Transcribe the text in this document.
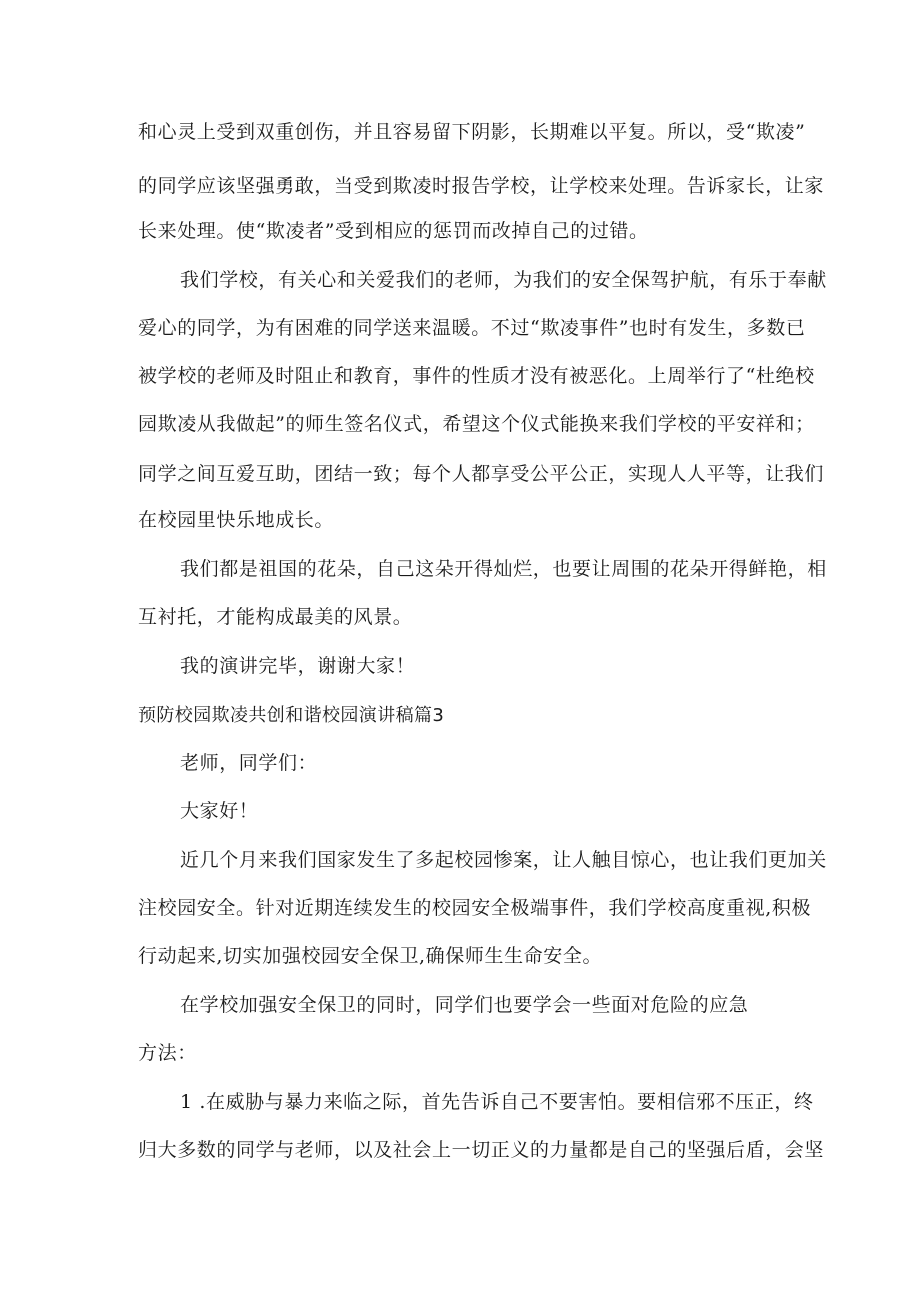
和心灵上受到双重创伤，并且容易留下阴影，长期难以平复。所以，受“欺凌”
的同学应该坚强勇敢，当受到欺凌时报告学校，让学校来处理。告诉家长，让家
长来处理。使“欺凌者”受到相应的惩罚而改掉自己的过错。
我们学校，有关心和关爱我们的老师，为我们的安全保驾护航，有乐于奉献
爱心的同学，为有困难的同学送来温暖。不过“欺凌事件”也时有发生，多数已
被学校的老师及时阻止和教育，事件的性质才没有被恶化。上周举行了“杜绝校
园欺凌从我做起”的师生签名仪式，希望这个仪式能换来我们学校的平安祥和；
同学之间互爱互助，团结一致；每个人都享受公平公正，实现人人平等，让我们
在校园里快乐地成长。
我们都是祖国的花朵，自己这朵开得灿烂，也要让周围的花朵开得鲜艳，相
互衬托，才能构成最美的风景。
我的演讲完毕，谢谢大家！
预防校园欺凌共创和谐校园演讲稿篇3
老师，同学们：
大家好！
近几个月来我们国家发生了多起校园惨案，让人触目惊心，也让我们更加关
注校园安全。针对近期连续发生的校园安全极端事件，我们学校高度重视,积极
行动起来,切实加强校园安全保卫,确保师生生命安全。
在学校加强安全保卫的同时，同学们也要学会一些面对危险的应急
方法：
1 .在威胁与暴力来临之际，首先告诉自己不要害怕。要相信邪不压正，终
归大多数的同学与老师，以及社会上一切正义的力量都是自己的坚强后盾，会坚
